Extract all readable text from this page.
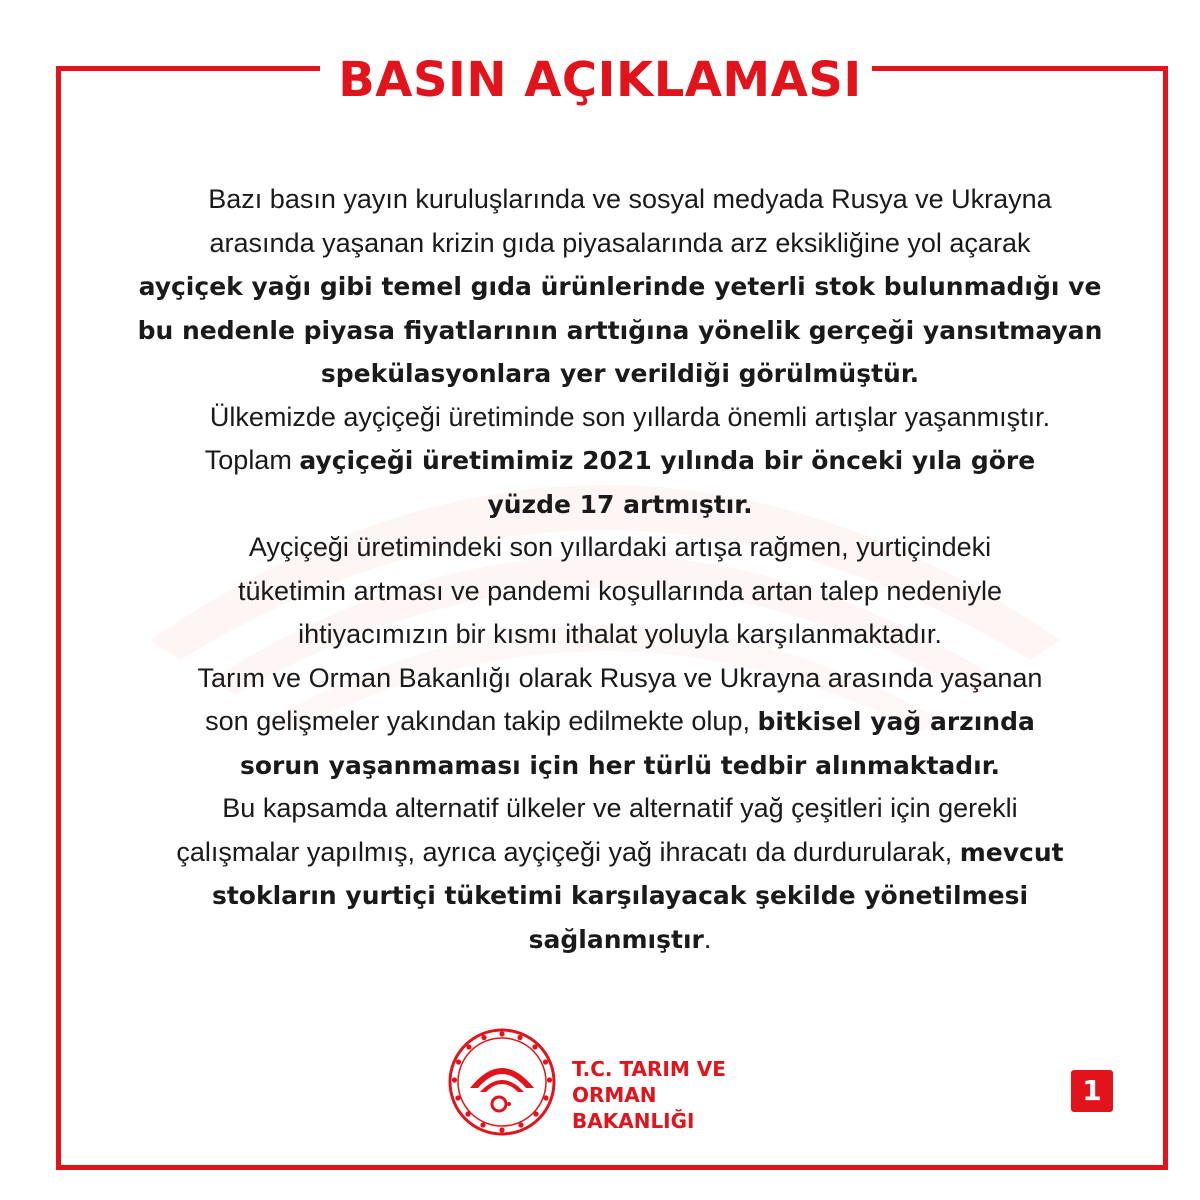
BASIN AÇIKLAMASI
Bazı basın yayın kuruluşlarında ve sosyal medyada Rusya ve Ukrayna
arasında yaşanan krizin gıda piyasalarında arz eksikliğine yol açarak
ayçiçek yağı gibi temel gıda ürünlerinde yeterli stok bulunmadığı ve
bu nedenle piyasa fiyatlarının arttığına yönelik gerçeği yansıtmayan
spekülasyonlara yer verildiği görülmüştür.
Ülkemizde ayçiçeği üretiminde son yıllarda önemli artışlar yaşanmıştır.
Toplam ayçiçeği üretimimiz 2021 yılında bir önceki yıla göre
yüzde 17 artmıştır.
Ayçiçeği üretimindeki son yıllardaki artışa rağmen, yurtiçindeki
tüketimin artması ve pandemi koşullarında artan talep nedeniyle
ihtiyacımızın bir kısmı ithalat yoluyla karşılanmaktadır.
Tarım ve Orman Bakanlığı olarak Rusya ve Ukrayna arasında yaşanan
son gelişmeler yakından takip edilmekte olup, bitkisel yağ arzında
sorun yaşanmaması için her türlü tedbir alınmaktadır.
Bu kapsamda alternatif ülkeler ve alternatif yağ çeşitleri için gerekli
çalışmalar yapılmış, ayrıca ayçiçeği yağ ihracatı da durdurularak, mevcut
stokların yurtiçi tüketimi karşılayacak şekilde yönetilmesi
sağlanmıştır.
T.C. TARIM VE
ORMAN BAKANLIĞI
1
